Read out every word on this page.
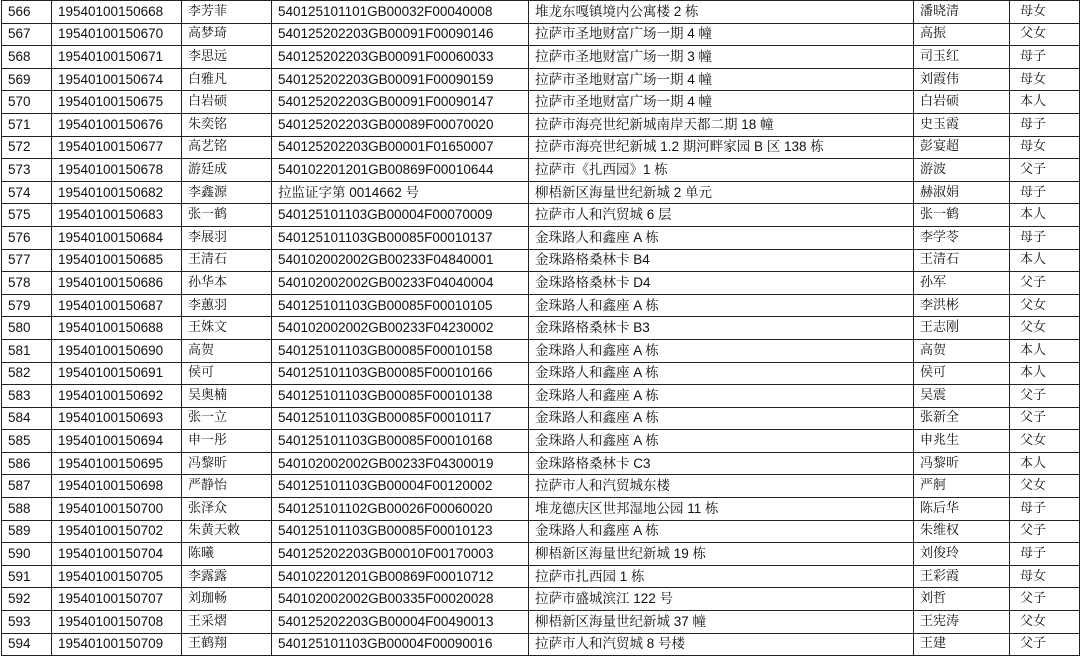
566	19540100150668	李芳菲	540125101101GB00032F00040008	堆龙东嘎镇境内公寓楼 2 栋	潘晓清	母女
567	19540100150670	高梦琦	540125202203GB00091F00090146	拉萨市圣地财富广场一期 4 幢	高振	父女
568	19540100150671	李思远	540125202203GB00091F00060033	拉萨市圣地财富广场一期 3 幢	司玉红	母子
569	19540100150674	白雅凡	540125202203GB00091F00090159	拉萨市圣地财富广场一期 4 幢	刘霞伟	母女
570	19540100150675	白岩硕	540125202203GB00091F00090147	拉萨市圣地财富广场一期 4 幢	白岩硕	本人
571	19540100150676	朱奕铭	540125202203GB00089F00070020	拉萨市海亮世纪新城南岸天都二期 18 幢	史玉霞	母子
572	19540100150677	高艺铭	540125202203GB00001F01650007	拉萨市海亮世纪新城 1.2 期河畔家园 B 区 138 栋	彭宴超	母女
573	19540100150678	游廷成	540102201201GB00869F00010644	拉萨市《扎西园》1 栋	游波	父子
574	19540100150682	李鑫源	拉监证字第 0014662 号	柳梧新区海量世纪新城 2 单元	赫淑娟	母子
575	19540100150683	张一鹤	540125101103GB00004F00070009	拉萨市人和汽贸城 6 层	张一鹤	本人
576	19540100150684	李展羽	540125101103GB00085F00010137	金珠路人和鑫座 A 栋	李学苓	母子
577	19540100150685	王清石	540102002002GB00233F04840001	金珠路格桑林卡 B4	王清石	本人
578	19540100150686	孙华本	540102002002GB00233F04040004	金珠路格桑林卡 D4	孙军	父子
579	19540100150687	李蕙羽	540125101103GB00085F00010105	金珠路人和鑫座 A 栋	李洪彬	父女
580	19540100150688	王姝文	540102002002GB00233F04230002	金珠路格桑林卡 B3	王志刚	父女
581	19540100150690	高贺	540125101103GB00085F00010158	金珠路人和鑫座 A 栋	高贺	本人
582	19540100150691	侯可	540125101103GB00085F00010166	金珠路人和鑫座 A 栋	侯可	本人
583	19540100150692	吴奥楠	540125101103GB00085F00010138	金珠路人和鑫座 A 栋	吴震	父子
584	19540100150693	张一立	540125101103GB00085F00010117	金珠路人和鑫座 A 栋	张新全	父子
585	19540100150694	申一彤	540125101103GB00085F00010168	金珠路人和鑫座 A 栋	申兆生	父女
586	19540100150695	冯黎昕	540102002002GB00233F04300019	金珠路格桑林卡 C3	冯黎昕	本人
587	19540100150698	严静怡	540125101103GB00004F00120002	拉萨市人和汽贸城东楼	严舸	父女
588	19540100150700	张泽众	540125101102GB00026F00060020	堆龙德庆区世邦湿地公园 11 栋	陈后华	母子
589	19540100150702	朱黄天敕	540125101103GB00085F00010123	金珠路人和鑫座 A 栋	朱维权	父子
590	19540100150704	陈曦	540125202203GB00010F00170003	柳梧新区海量世纪新城 19 栋	刘俊玲	母子
591	19540100150705	李露露	540102201201GB00869F00010712	拉萨市扎西园 1 栋	王彩霞	母女
592	19540100150707	刘珈畅	540102002002GB00335F00020028	拉萨市盛城滨江 122 号	刘哲	父子
593	19540100150708	王采熠	540125202203GB00004F00490013	柳梧新区海量世纪新城 37 幢	王宪涛	父女
594	19540100150709	王鹤翔	540125101103GB00004F00090016	拉萨市人和汽贸城 8 号楼	王建	父子
